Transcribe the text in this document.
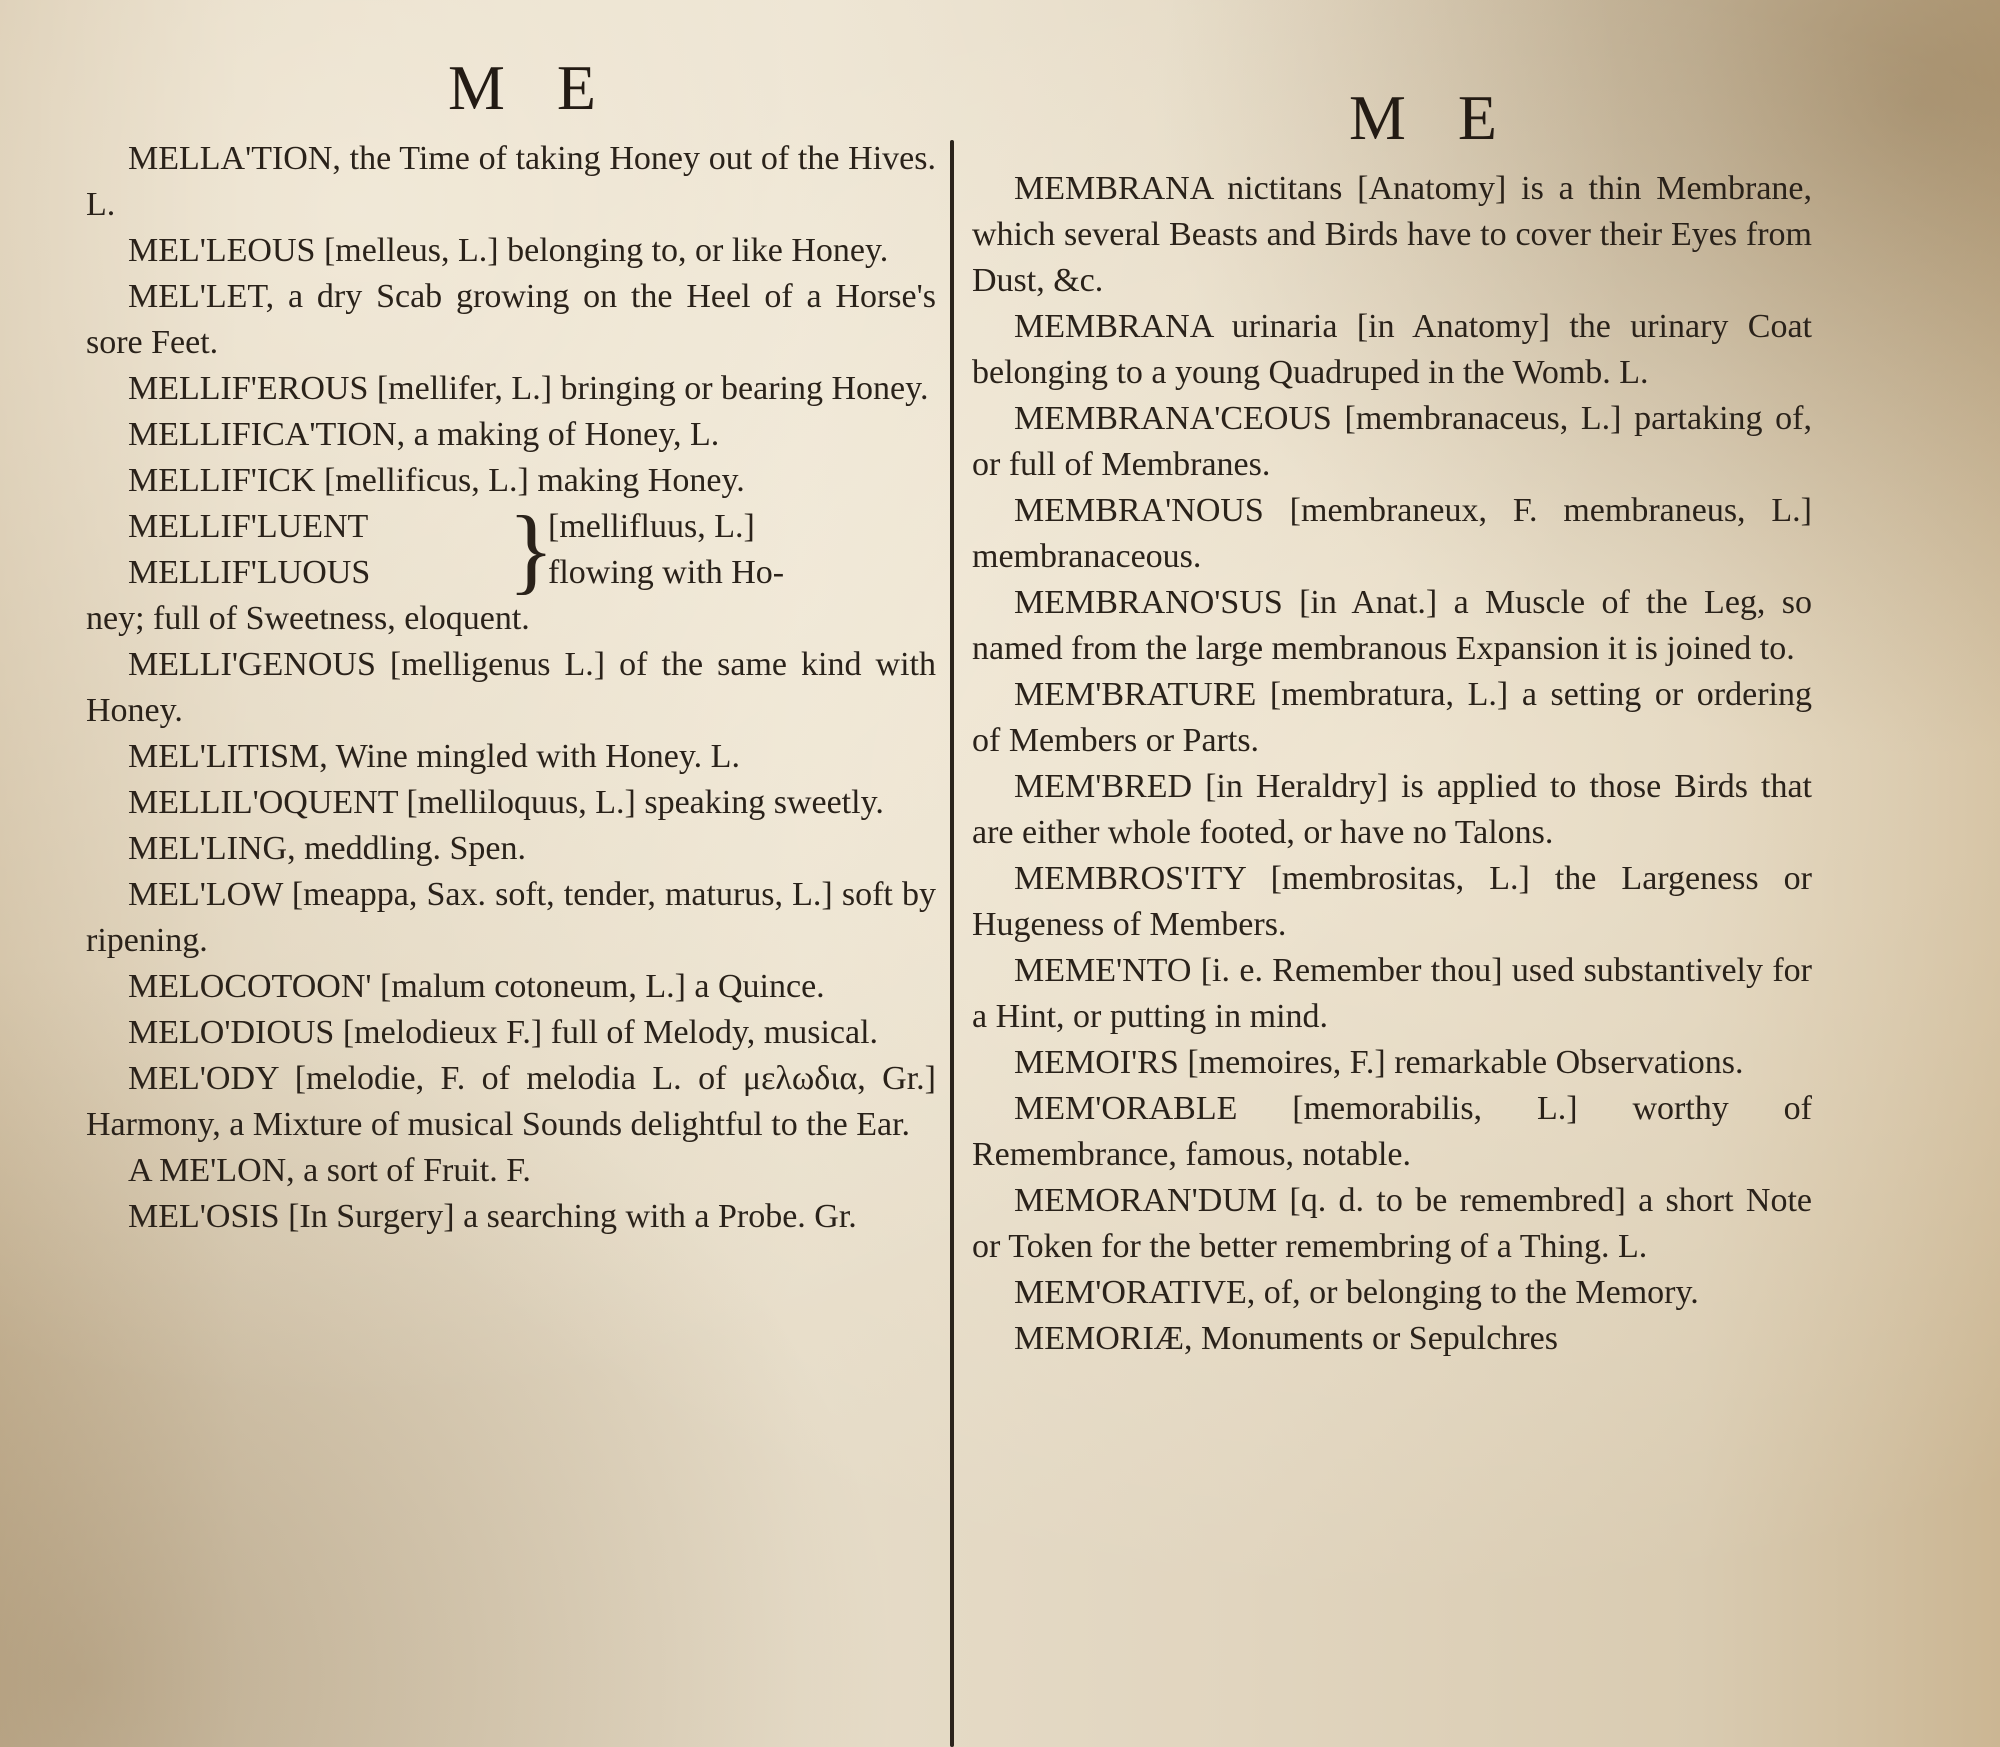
M E

MELLA'TION, the Time of taking Honey out of the Hives. L.

MEL'LEOUS [melleus, L.] belonging to, or like Honey.

MEL'LET, a dry Scab growing on the Heel of a Horse's sore Feet.

MELLIF'EROUS [mellifer, L.] bringing or bearing Honey.

MELLIFICA'TION, a making of Honey, L.

MELLIF'ICK [mellificus, L.] making Honey.

MELLIF'LUENT
MELLIF'LUOUS	}
[mellifluus, L.]
flowing with Ho-

ney; full of Sweetness, eloquent.

MELLI'GENOUS [melligenus L.] of the same kind with Honey.

MEL'LITISM, Wine mingled with Honey. L.

MELLIL'OQUENT [melliloquus, L.] speaking sweetly.

MEL'LING, meddling. Spen.

MEL'LOW [meappa, Sax. soft, tender, maturus, L.] soft by ripening.

MELOCOTOON' [malum cotoneum, L.] a Quince.

MELO'DIOUS [melodieux F.] full of Melody, musical.

MEL'ODY [melodie, F. of melodia L. of μελωδια, Gr.] Harmony, a Mixture of musical Sounds delightful to the Ear.

A ME'LON, a sort of Fruit. F.

MEL'OSIS [In Surgery] a searching with a Probe. Gr.

M E

MEMBRANA nictitans [Anatomy] is a thin Membrane, which several Beasts and Birds have to cover their Eyes from Dust, &c.

MEMBRANA urinaria [in Anatomy] the urinary Coat belonging to a young Quadruped in the Womb. L.

MEMBRANA'CEOUS [membranaceus, L.] partaking of, or full of Membranes.

MEMBRA'NOUS [membraneux, F. membraneus, L.] membranaceous.

MEMBRANO'SUS [in Anat.] a Muscle of the Leg, so named from the large membranous Expansion it is joined to.

MEM'BRATURE [membratura, L.] a setting or ordering of Members or Parts.

MEM'BRED [in Heraldry] is applied to those Birds that are either whole footed, or have no Talons.

MEMBROS'ITY [membrositas, L.] the Largeness or Hugeness of Members.

MEME'NTO [i. e. Remember thou] used substantively for a Hint, or putting in mind.

MEMOI'RS [memoires, F.] remarkable Observations.

MEM'ORABLE [memorabilis, L.] worthy of Remembrance, famous, notable.

MEMORAN'DUM [q. d. to be remembred] a short Note or Token for the better remembring of a Thing. L.

MEM'ORATIVE, of, or belonging to the Memory.

MEMORIÆ, Monuments or Sepulchres
